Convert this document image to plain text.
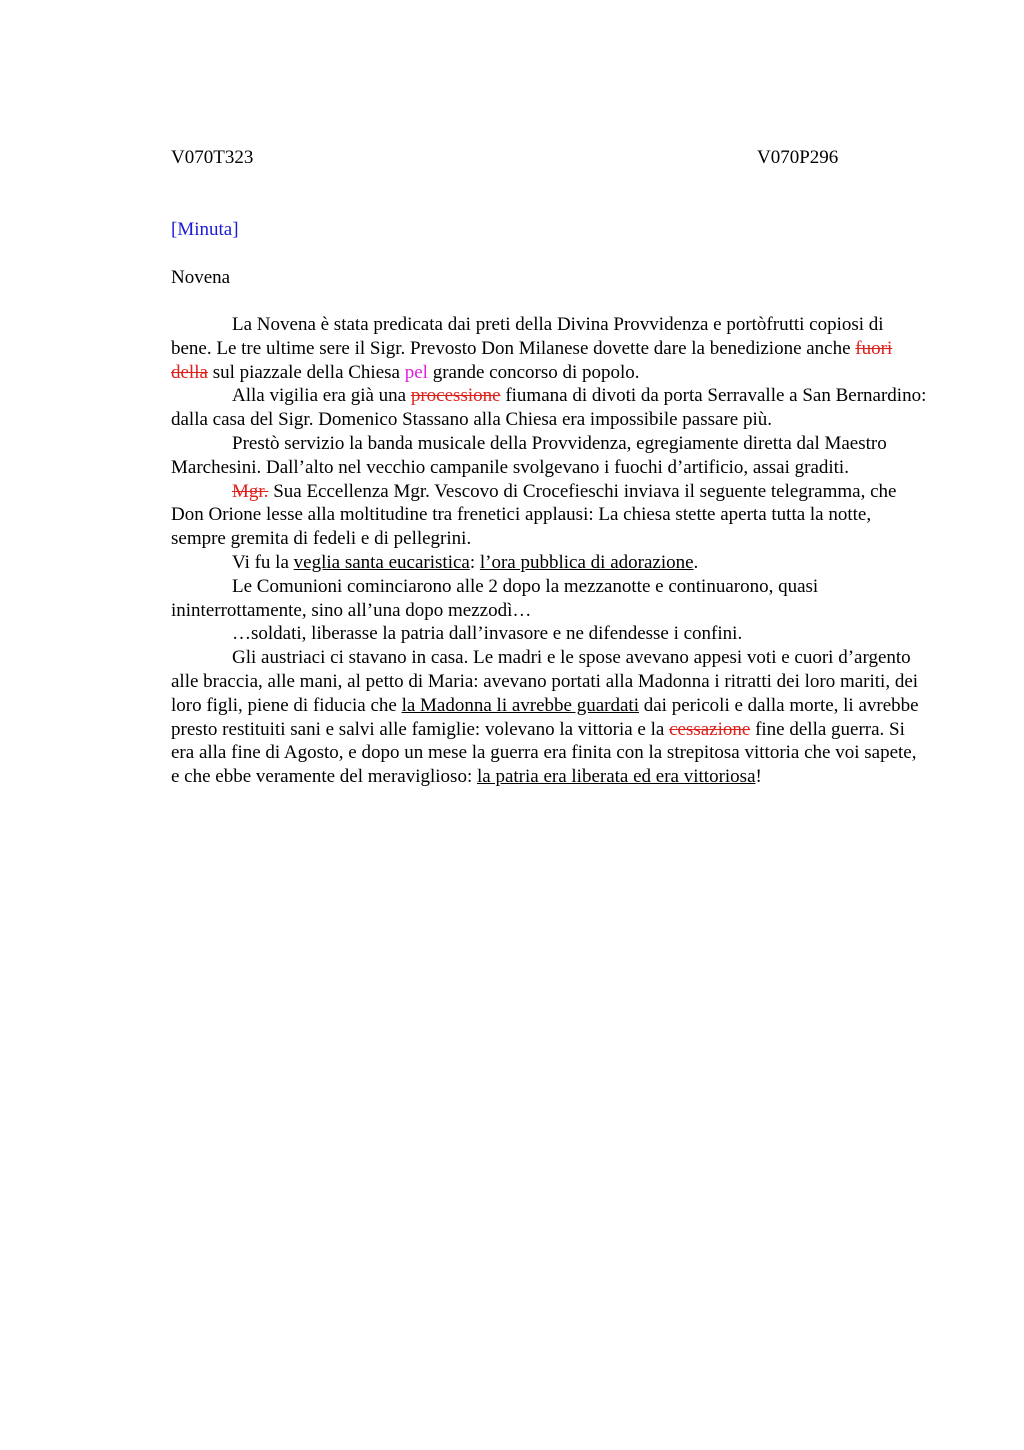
V070T323	V070P296
[Minuta]
Novena

La Novena è stata predicata dai preti della Divina Provvidenza e portòfrutti copiosi di bene. Le tre ultime sere il Sigr. Prevosto Don Milanese dovette dare la benedizione anche fuori della sul piazzale della Chiesa pel grande concorso di popolo.

Alla vigilia era già una processione fiumana di divoti da porta Serravalle a San Bernardino: dalla casa del Sigr. Domenico Stassano alla Chiesa era impossibile passare più.

Prestò servizio la banda musicale della Provvidenza, egregiamente diretta dal Maestro Marchesini. Dall’alto nel vecchio campanile svolgevano i fuochi d’artificio, assai graditi.

Mgr. Sua Eccellenza Mgr. Vescovo di Crocefieschi inviava il seguente telegramma, che Don Orione lesse alla moltitudine tra frenetici applausi: La chiesa stette aperta tutta la notte, sempre gremita di fedeli e di pellegrini.

Vi fu la veglia santa eucaristica: l’ora pubblica di adorazione.

Le Comunioni cominciarono alle 2 dopo la mezzanotte e continuarono, quasi ininterrottamente, sino all’una dopo mezzodì…

…soldati, liberasse la patria dall’invasore e ne difendesse i confini.

Gli austriaci ci stavano in casa. Le madri e le spose avevano appesi voti e cuori d’argento alle braccia, alle mani, al petto di Maria: avevano portati alla Madonna i ritratti dei loro mariti, dei loro figli, piene di fiducia che la Madonna li avrebbe guardati dai pericoli e dalla morte, li avrebbe presto restituiti sani e salvi alle famiglie: volevano la vittoria e la cessazione fine della guerra. Si era alla fine di Agosto, e dopo un mese la guerra era finita con la strepitosa vittoria che voi sapete, e che ebbe veramente del meraviglioso: la patria era liberata ed era vittoriosa!
